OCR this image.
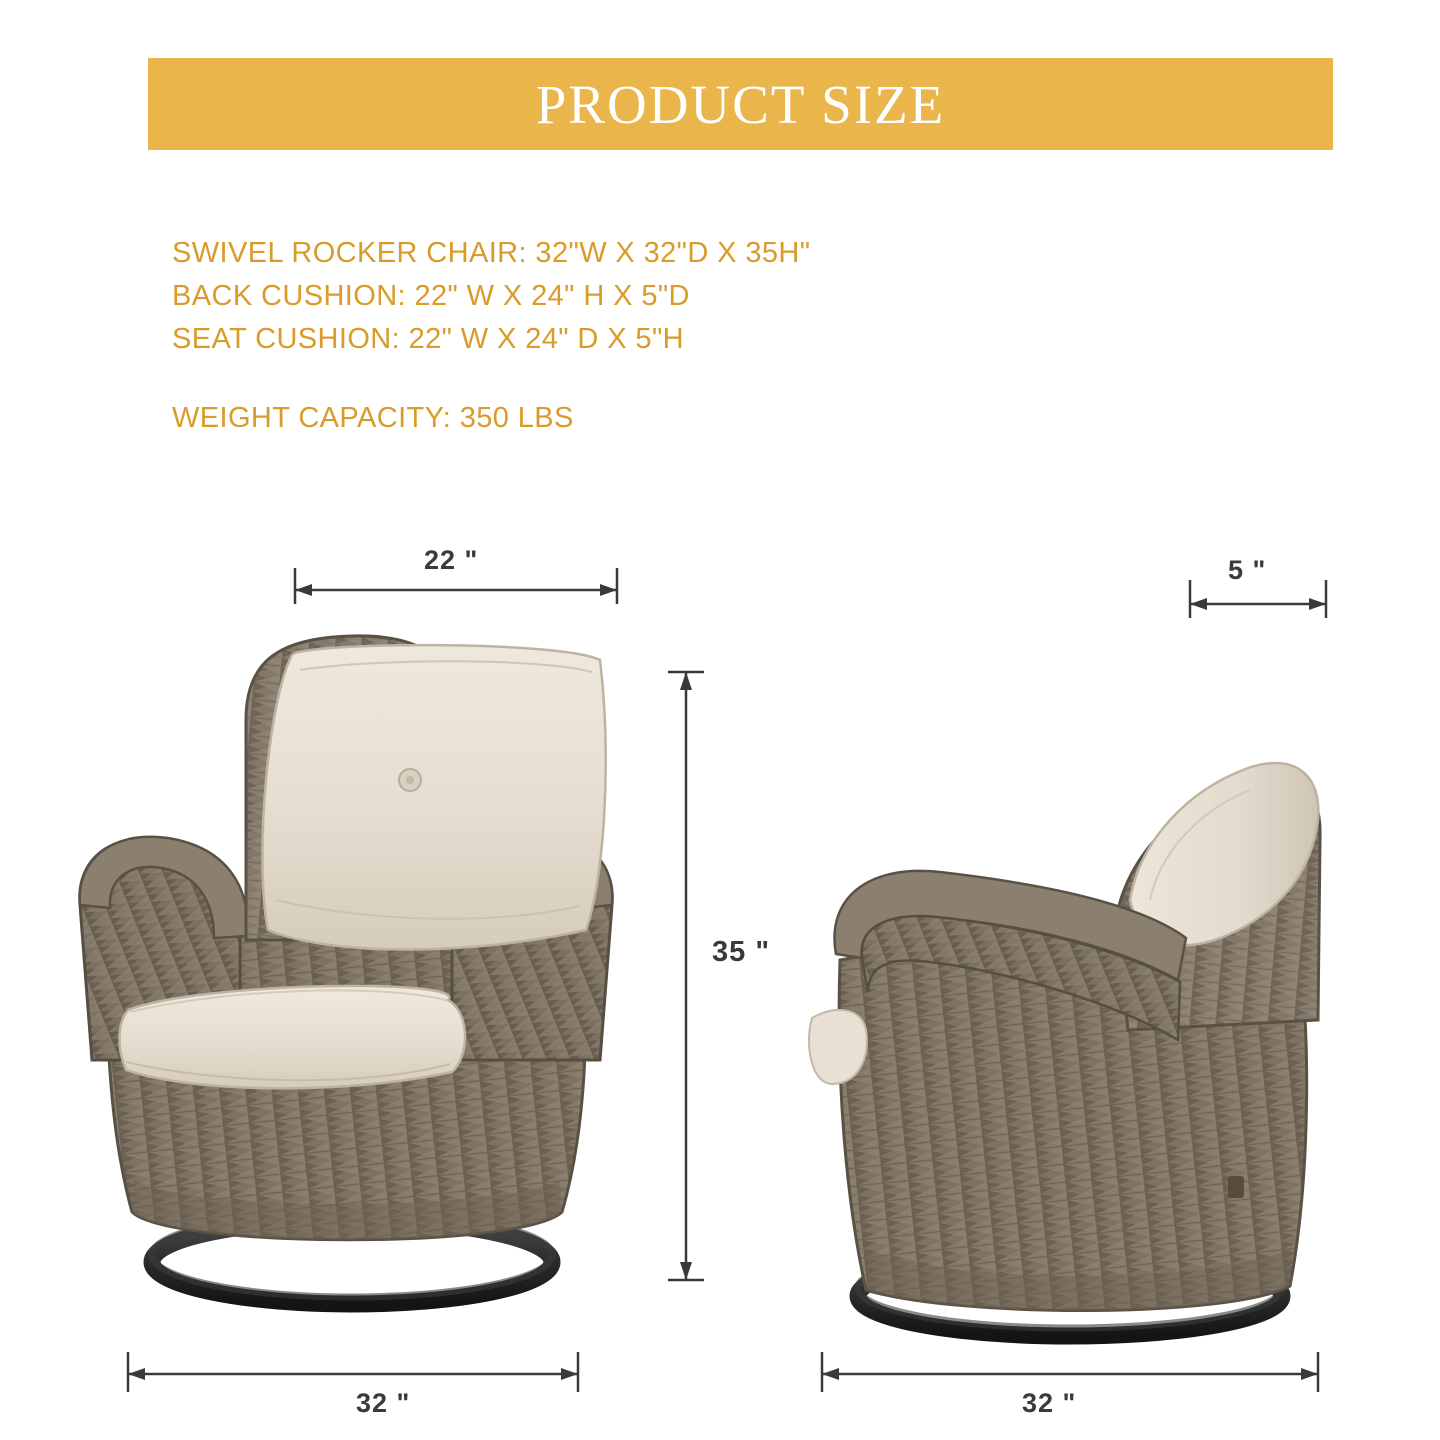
PRODUCT SIZE
SWIVEL ROCKER CHAIR: 32"W X 32"D X 35H"
BACK CUSHION: 22" W X 24" H X 5"D
SEAT CUSHION: 22" W X 24" D X 5"H
WEIGHT CAPACITY: 350 LBS
22 "	5 "
35 "
32 "	32 "
